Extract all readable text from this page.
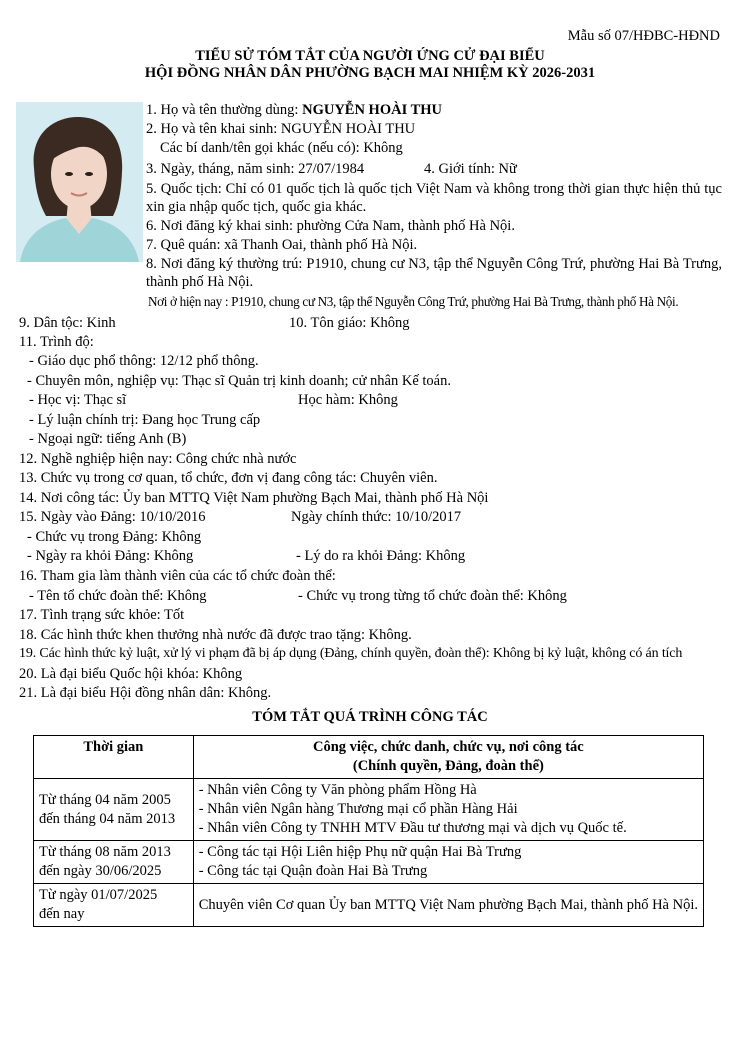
Mẫu số 07/HĐBC-HĐND
TIỂU SỬ TÓM TẮT CỦA NGƯỜI ỨNG CỬ ĐẠI BIỂU
HỘI ĐỒNG NHÂN DÂN PHƯỜNG BẠCH MAI NHIỆM KỲ 2026-2031
1. Họ và tên thường dùng: NGUYỄN HOÀI THU
2. Họ và tên khai sinh: NGUYỄN HOÀI THU
Các bí danh/tên gọi khác (nếu có): Không
3. Ngày, tháng, năm sinh: 27/07/1984	4. Giới tính: Nữ
5. Quốc tịch: Chỉ có 01 quốc tịch là quốc tịch Việt Nam và không trong thời gian thực hiện thủ tục xin gia nhập quốc tịch, quốc gia khác.
6. Nơi đăng ký khai sinh: phường Cửa Nam, thành phố Hà Nội.
7. Quê quán: xã Thanh Oai, thành phố Hà Nội.
8. Nơi đăng ký thường trú: P1910, chung cư N3, tập thể Nguyễn Công Trứ, phường Hai Bà Trưng, thành phố Hà Nội.
Nơi ở hiện nay : P1910, chung cư N3, tập thể Nguyễn Công Trứ, phường Hai Bà Trưng, thành phố Hà Nội.
9. Dân tộc: Kinh	10. Tôn giáo: Không
11. Trình độ:
- Giáo dục phổ thông: 12/12 phổ thông.
- Chuyên môn, nghiệp vụ: Thạc sĩ Quản trị kinh doanh; cử nhân Kế toán.
- Học vị: Thạc sĩ	Học hàm: Không
- Lý luận chính trị: Đang học Trung cấp
- Ngoại ngữ: tiếng Anh (B)
12. Nghề nghiệp hiện nay: Công chức nhà nước
13. Chức vụ trong cơ quan, tổ chức, đơn vị đang công tác: Chuyên viên.
14. Nơi công tác: Ủy ban MTTQ Việt Nam phường Bạch Mai, thành phố Hà Nội
15. Ngày vào Đảng: 10/10/2016	Ngày chính thức: 10/10/2017
- Chức vụ trong Đảng: Không
- Ngày ra khỏi Đảng: Không	- Lý do ra khỏi Đảng: Không
16. Tham gia làm thành viên của các tổ chức đoàn thể:
- Tên tổ chức đoàn thể: Không	- Chức vụ trong từng tổ chức đoàn thể: Không
17. Tình trạng sức khỏe: Tốt
18. Các hình thức khen thưởng nhà nước đã được trao tặng: Không.
19. Các hình thức kỷ luật, xử lý vi phạm đã bị áp dụng (Đảng, chính quyền, đoàn thể): Không bị kỷ luật, không có án tích
20. Là đại biểu Quốc hội khóa: Không
21. Là đại biểu Hội đồng nhân dân: Không.
TÓM TẮT QUÁ TRÌNH CÔNG TÁC
Thời gian	Công việc, chức danh, chức vụ, nơi công tác
(Chính quyền, Đảng, đoàn thể)

Từ tháng 04 năm 2005
đến tháng 04 năm 2013	- Nhân viên Công ty Văn phòng phẩm Hồng Hà
- Nhân viên Ngân hàng Thương mại cổ phần Hàng Hải
- Nhân viên Công ty TNHH MTV Đầu tư thương mại và dịch vụ Quốc tế.

Từ tháng 08 năm 2013
đến ngày 30/06/2025	- Công tác tại Hội Liên hiệp Phụ nữ quận Hai Bà Trưng
- Công tác tại Quận đoàn Hai Bà Trưng

Từ ngày 01/07/2025
đến nay	Chuyên viên Cơ quan Ủy ban MTTQ Việt Nam phường Bạch Mai, thành phố Hà Nội.
